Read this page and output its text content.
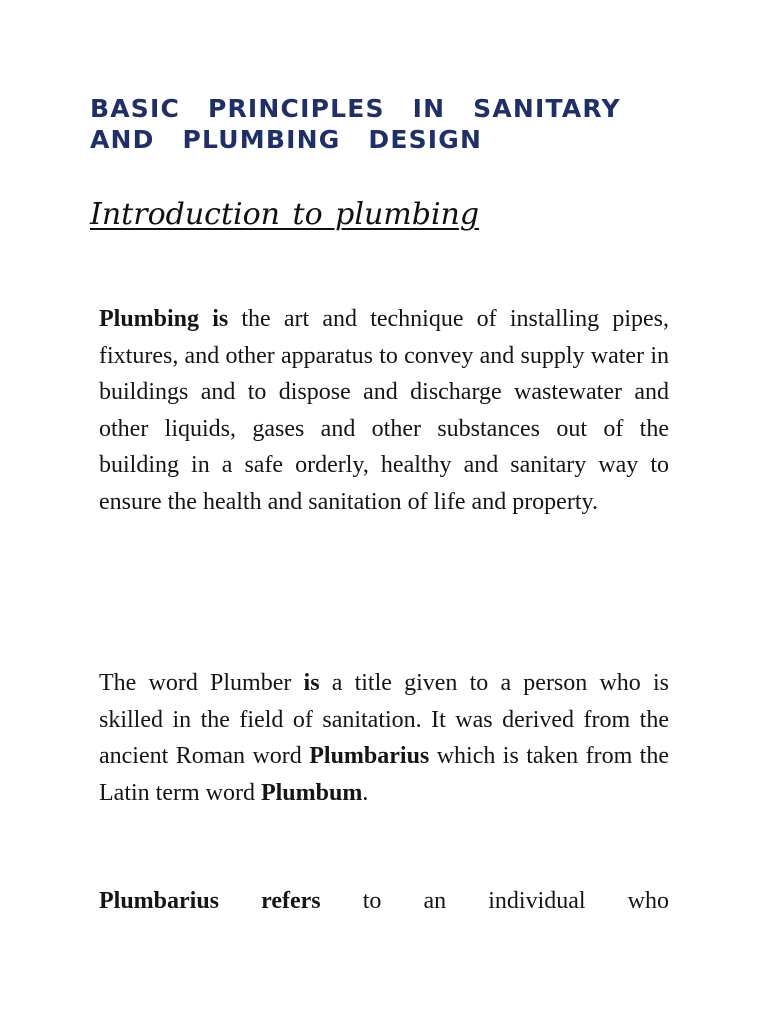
BASIC PRINCIPLES IN SANITARY AND PLUMBING DESIGN
Introduction to plumbing

Plumbing is the art and technique of installing pipes, fixtures, and other apparatus to convey and supply water in buildings and to dispose and discharge wastewater and other liquids, gases and other substances out of the building in a safe orderly, healthy and sanitary way to ensure the health and sanitation of life and property.

The word Plumber is a title given to a person who is skilled in the field of sanitation. It was derived from the ancient Roman word Plumbarius which is taken from the Latin term word Plumbum.

Plumbarius refers to an individual who
